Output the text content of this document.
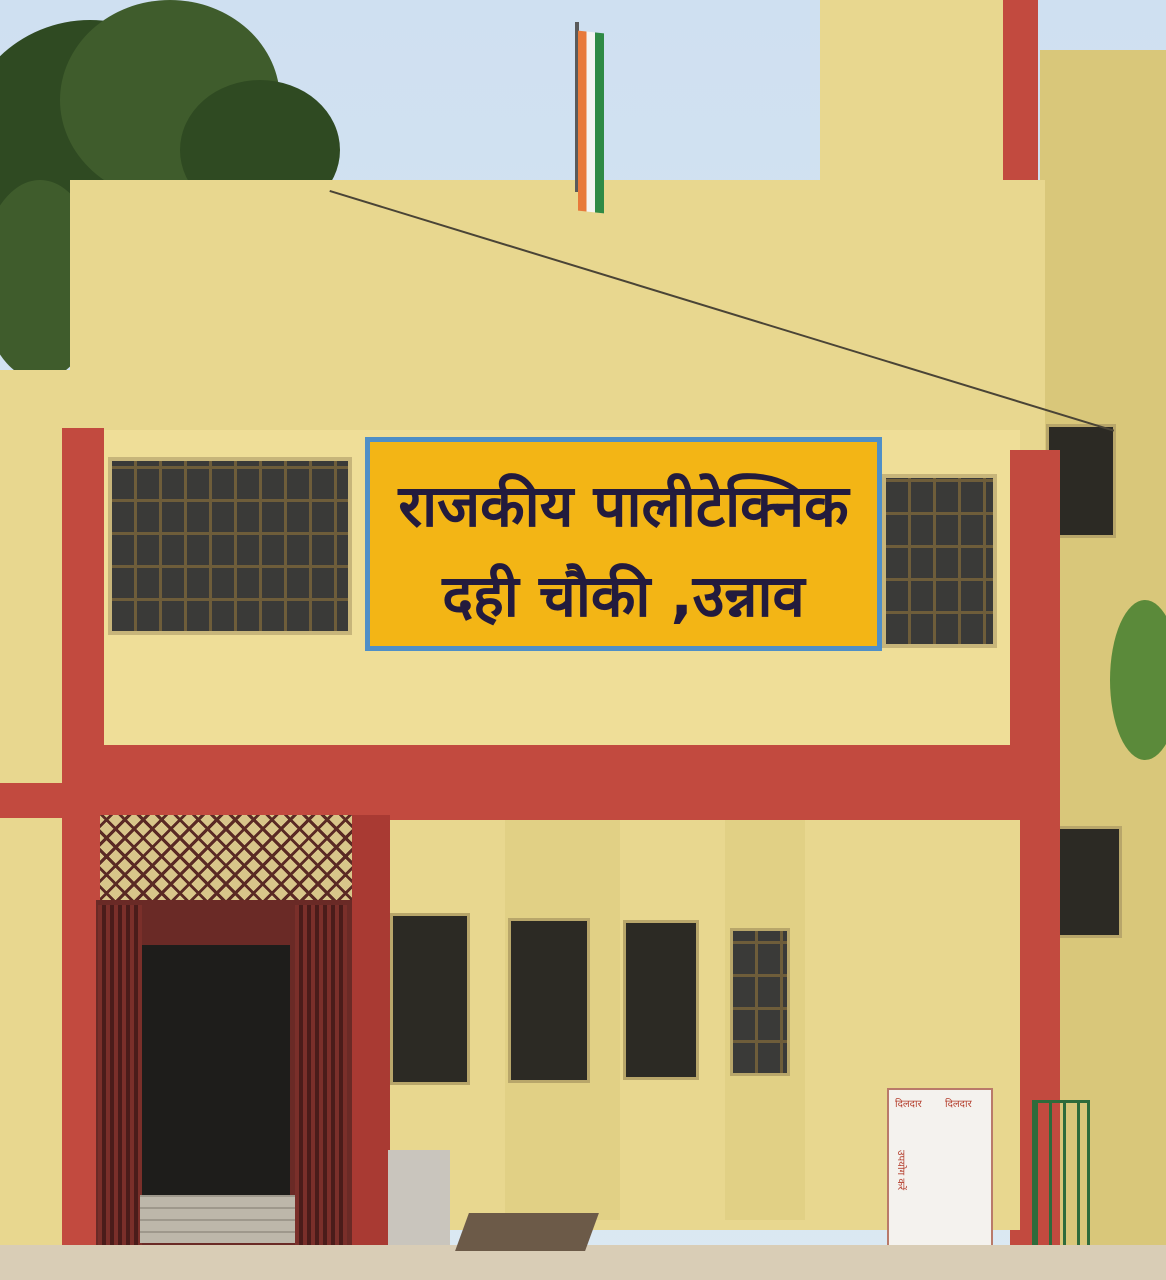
राजकीय पालीटेक्निक
दही चौकी ,उन्नाव
दिलदार दिलदार
उपयोग करें
